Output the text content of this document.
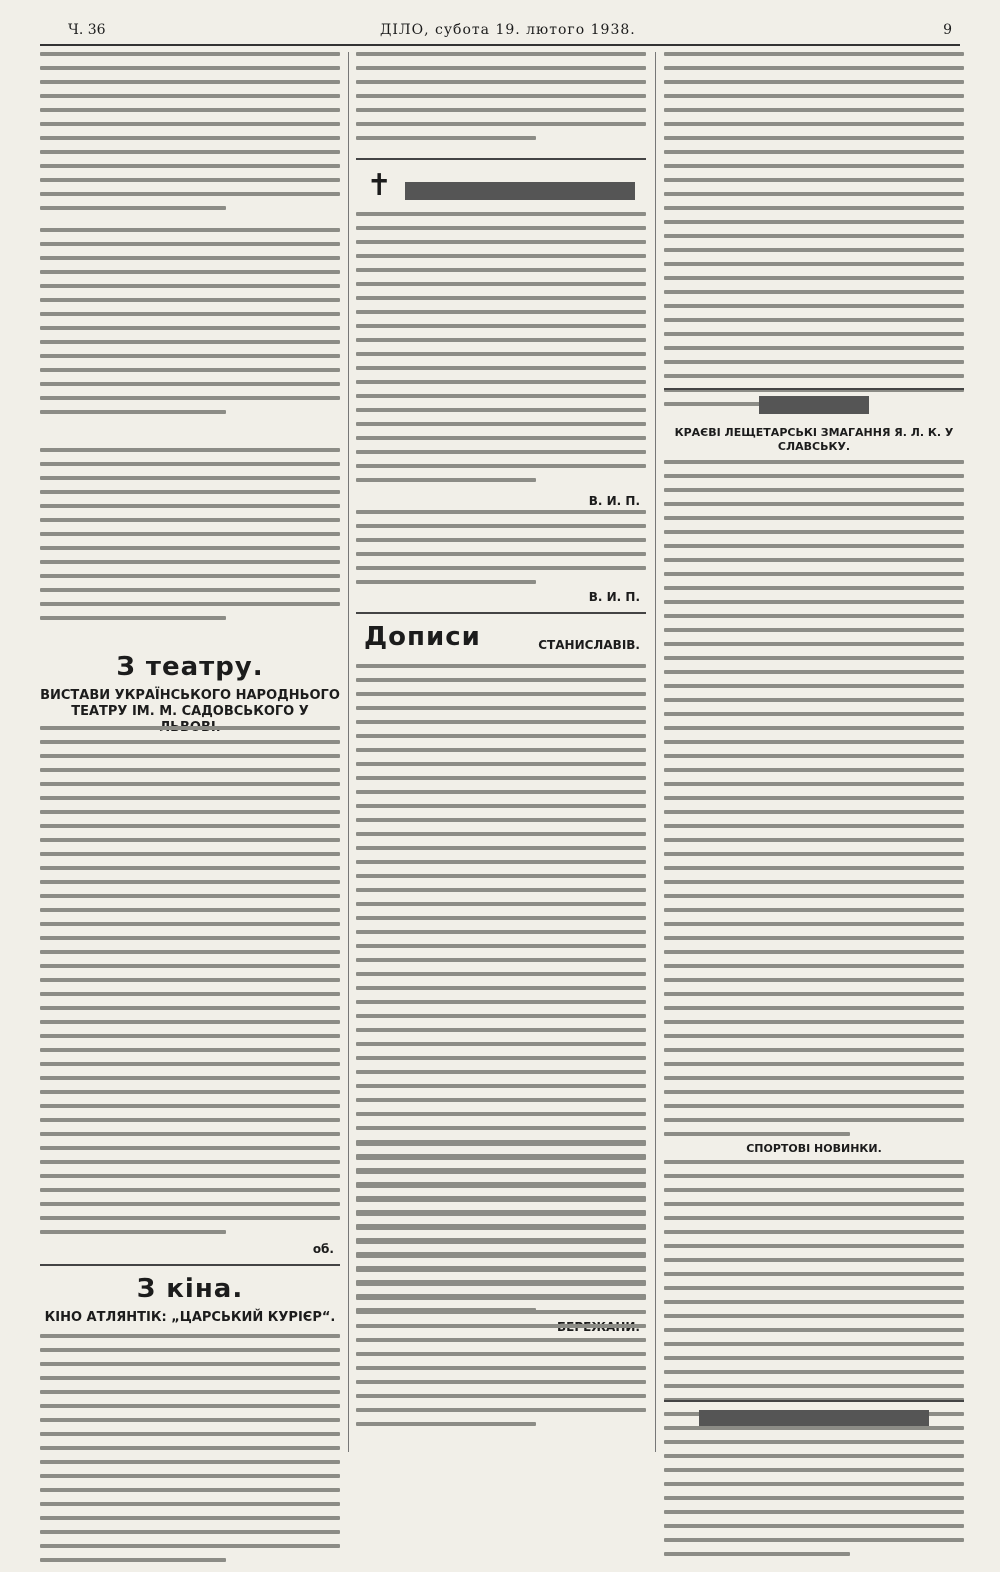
Ч. 36	ДІЛО, субота 19. лютого 1938.	9
З театру.
ВИСТАВИ УКРАЇНСЬКОГО НАРОДНЬОГО ТЕАТРУ ІМ. М. САДОВСЬКОГО У
об.
З кіна.
КІНО АТЛЯНТІК: „ЦАРСЬКИЙ КУРІЄР“.
✝
В. И. П.
В. И. П.
Дописи	СТАНИСЛАВІВ.
КРАЄВІ ЛЕЩЕТАРСЬКІ ЗМАГАННЯ Я. Л. К. У СЛАВСЬКУ.
СПОРТОВІ НОВИНКИ.
